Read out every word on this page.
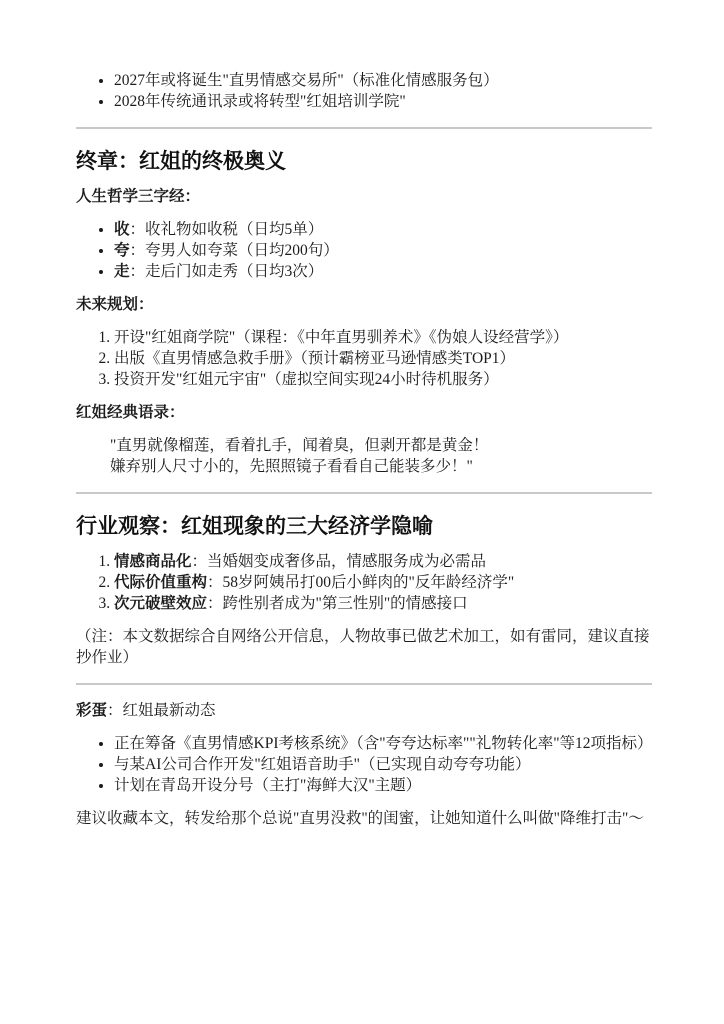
• 2027年或将诞生"直男情感交易所"（标准化情感服务包）
• 2028年传统通讯录或将转型"红姐培训学院"
终章：红姐的终极奥义

人生哲学三字经：

• 收：收礼物如收税（日均5单）
• 夸：夸男人如夸菜（日均200句）
• 走：走后门如走秀（日均3次）

未来规划：

1. 开设"红姐商学院"（课程：《中年直男驯养术》《伪娘人设经营学》）
2. 出版《直男情感急救手册》（预计霸榜亚马逊情感类TOP1）
3. 投资开发"红姐元宇宙"（虚拟空间实现24小时待机服务）

红姐经典语录：

"直男就像榴莲，看着扎手，闻着臭，但剥开都是黄金！
嫌弃别人尺寸小的，先照照镜子看看自己能装多少！"
行业观察：红姐现象的三大经济学隐喻
1. 情感商品化：当婚姻变成奢侈品，情感服务成为必需品
2. 代际价值重构：58岁阿姨吊打00后小鲜肉的"反年龄经济学"
3. 次元破壁效应：跨性别者成为"第三性别"的情感接口

（注：本文数据综合自网络公开信息，人物故事已做艺术加工，如有雷同，建议直接抄作业）

彩蛋：红姐最新动态

• 正在筹备《直男情感KPI考核系统》（含"夸夸达标率""礼物转化率"等12项指标）
• 与某AI公司合作开发"红姐语音助手"（已实现自动夸夸功能）
• 计划在青岛开设分号（主打"海鲜大汉"主题）

建议收藏本文，转发给那个总说"直男没救"的闺蜜，让她知道什么叫做"降维打击"～
